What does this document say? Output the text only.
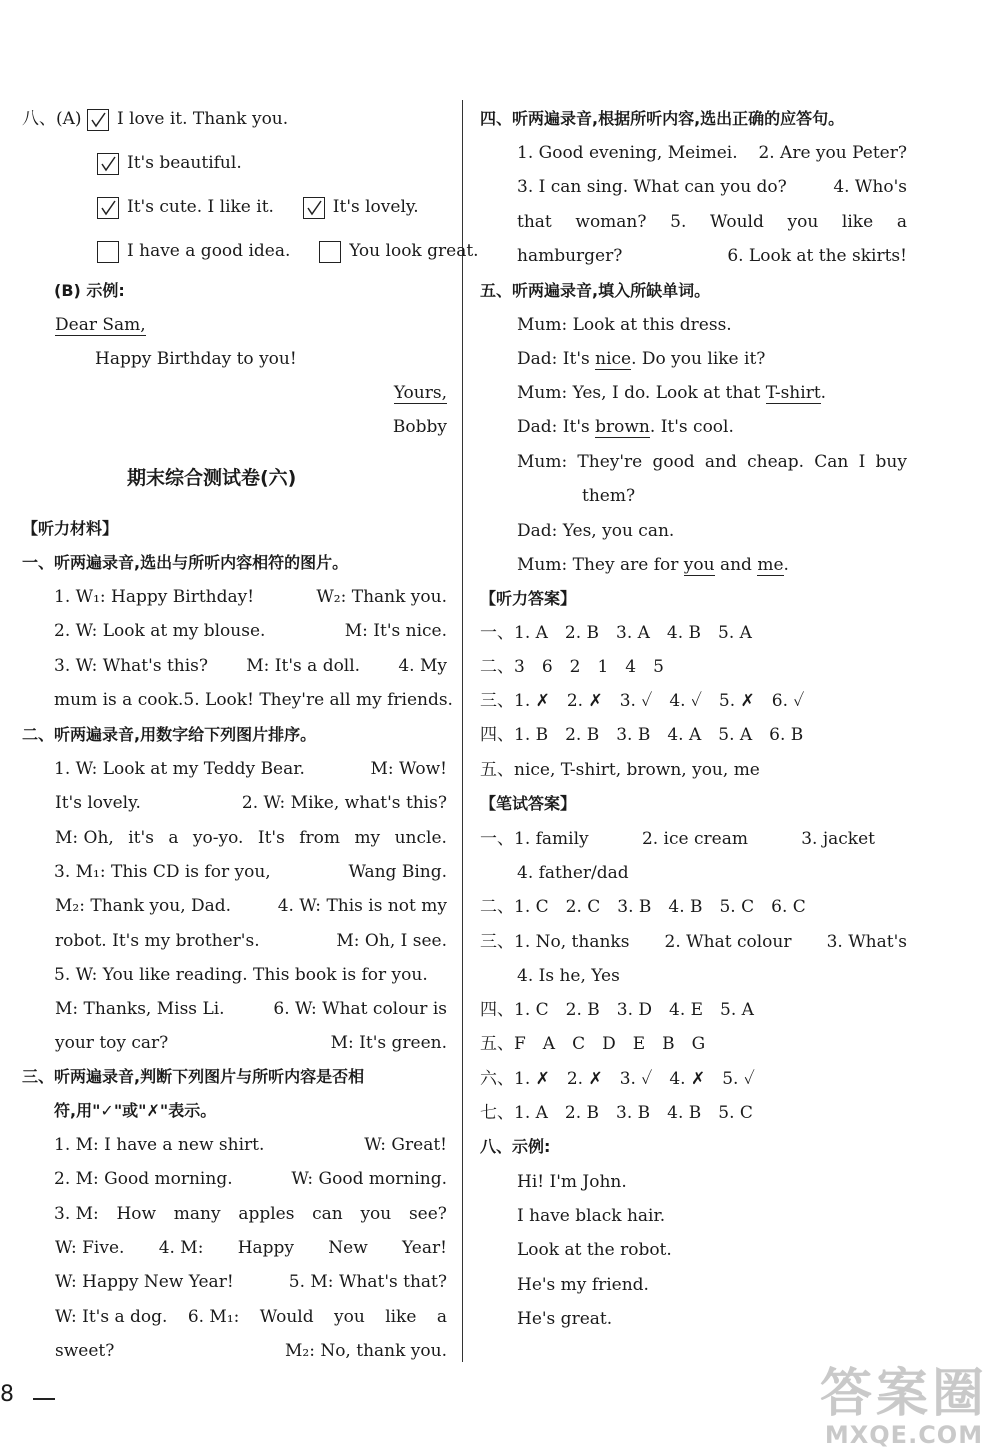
八、(A) I love it. Thank you.
It's beautiful.
It's cute. I like it.	It's lovely.
I have a good idea.	You look great.
(B) 示例:
Dear Sam,
Happy Birthday to you!
Yours,
Bobby
期末综合测试卷(六)
【听力材料】
一、听两遍录音,选出与所听内容相符的图片。
1. W₁: Happy Birthday!	W₂: Thank you.
2. W: Look at my blouse.	M: It's nice.
3. W: What's this? M: It's a doll. 4. My
mum is a cook. 5. Look! They're all my friends.
二、听两遍录音,用数字给下列图片排序。
1. W: Look at my Teddy Bear.	M: Wow!
It's lovely.	2. W: Mike, what's this?
M: Oh, it's a yo-yo. It's from my uncle.
3. M₁: This CD is for you,	Wang Bing.
M₂: Thank you, Dad.	4. W: This is not my
robot. It's my brother's.	M: Oh, I see.
5. W: You like reading. This book is for you.
M: Thanks, Miss Li.	6. W: What colour is
your toy car?	M: It's green.
三、听两遍录音,判断下列图片与所听内容是否相
符,用"✓"或"✗"表示。
1. M: I have a new shirt.	W: Great!
2. M: Good morning.	W: Good morning.
3. M: How many apples can you see?
W: Five. 4. M: Happy New Year!
W: Happy New Year!	5. M: What's that?
W: It's a dog. 6. M₁: Would you like a
sweet?	M₂: No, thank you.
四、听两遍录音,根据所听内容,选出正确的应答句。
1. Good evening, Meimei. 2. Are you Peter?
3. I can sing. What can you do?	4. Who's
that woman? 5. Would you like a
hamburger?	6. Look at the skirts!
五、听两遍录音,填入所缺单词。
Mum: Look at this dress.
Dad: It's nice. Do you like it?
Mum: Yes, I do. Look at that T-shirt.
Dad: It's brown. It's cool.
Mum: They're good and cheap. Can I buy
them?
Dad: Yes, you can.
Mum: They are for you and me.
【听力答案】
一、1. A　2. B　3. A　4. B　5. A
二、3　6　2　1　4　5
三、1. ✗　2. ✗　3. ✓　4. ✓　5. ✗　6. ✓
四、1. B　2. B　3. B　4. A　5. A　6. B
五、nice, T-shirt, brown, you, me
【笔试答案】
一、1. family	2. ice cream	3. jacket
4. father/dad
二、1. C　2. C　3. B　4. B　5. C　6. C
三、1. No, thanks 2. What colour 3. What's
4. Is he, Yes
四、1. C　2. B　3. D　4. E　5. A
五、F　A　C　D　E　B　G
六、1. ✗　2. ✗　3. ✓　4. ✗　5. ✓
七、1. A　2. B　3. B　4. B　5. C
八、示例:
Hi! I'm John.
I have black hair.
Look at the robot.
He's my friend.
He's great.
8	答案圈
MXQE.COM
